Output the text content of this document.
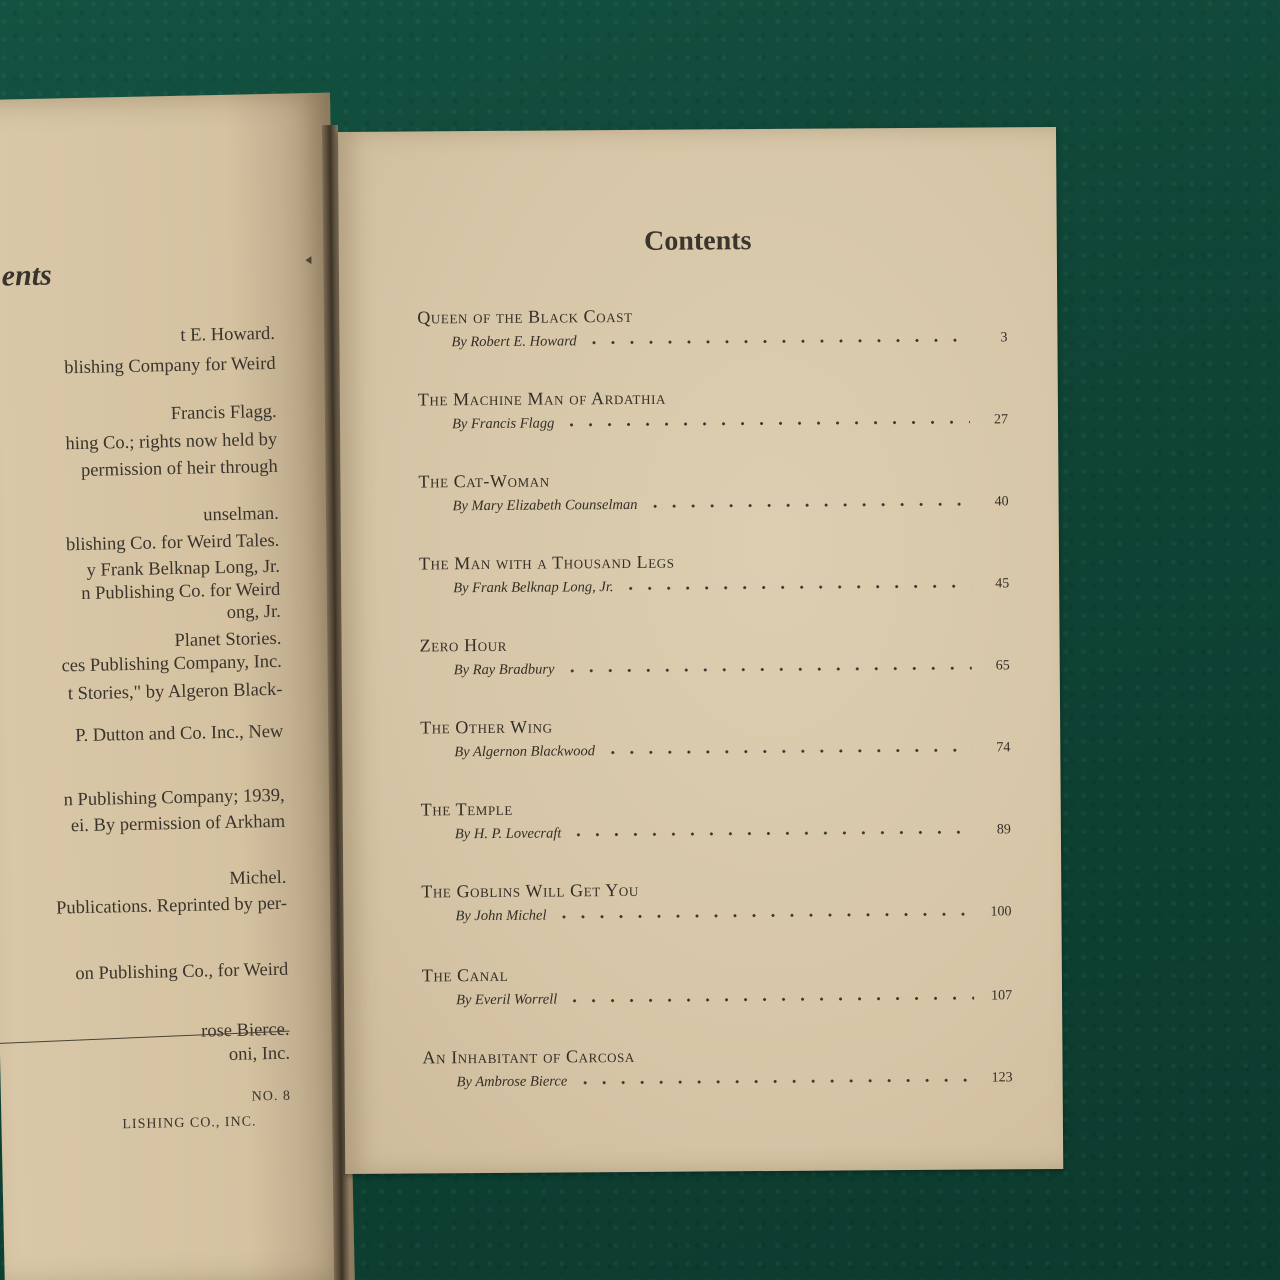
ents
t E. Howard.
blishing Company for Weird
Francis Flagg.
hing Co.; rights now held by
permission of heir through
unselman.
blishing Co. for Weird Tales.
y Frank Belknap Long, Jr.
n Publishing Co. for Weird
ong, Jr.
Planet Stories.
ces Publishing Company, Inc.
t Stories," by Algeron Black-
P. Dutton and Co. Inc., New
n Publishing Company; 1939,
ei. By permission of Arkham
Michel.
Publications. Reprinted by per-
on Publishing Co., for Weird
rose Bierce.
oni, Inc.
NO. 8
LISHING CO., INC.
Contents
Queen of the Black Coast
By Robert E. Howard	3
The Machine Man of Ardathia
By Francis Flagg	27
The Cat-Woman
By Mary Elizabeth Counselman	40
The Man with a Thousand Legs
By Frank Belknap Long, Jr.	45
Zero Hour
By Ray Bradbury	65
The Other Wing
By Algernon Blackwood	74
The Temple
By H. P. Lovecraft	89
The Goblins Will Get You
By John Michel	100
The Canal
By Everil Worrell	107
An Inhabitant of Carcosa
By Ambrose Bierce	123
